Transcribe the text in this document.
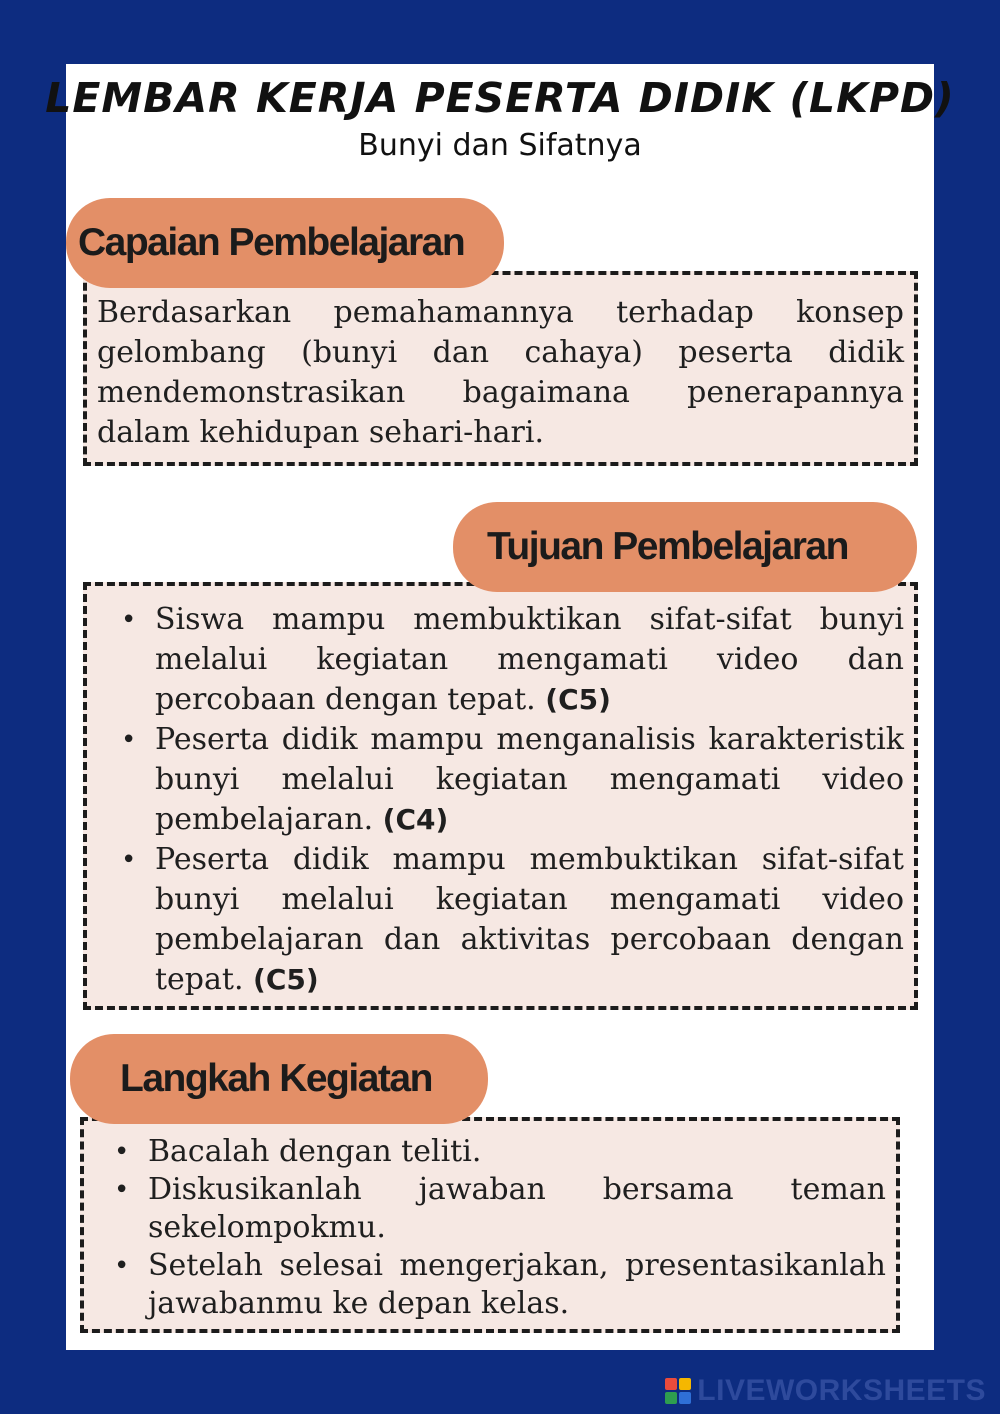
LEMBAR KERJA PESERTA DIDIK (LKPD)
Bunyi dan Sifatnya

Berdasarkan pemahamannya terhadap konsep gelombang (bunyi dan cahaya) peserta didik mendemonstrasikan bagaimana penerapannya dalam kehidupan sehari-hari.

Capaian Pembelajaran
• Siswa mampu membuktikan sifat-sifat bunyi melalui kegiatan mengamati video dan percobaan dengan tepat. (C5)
• Peserta didik mampu menganalisis karakteristik bunyi melalui kegiatan mengamati video pembelajaran. (C4)
• Peserta didik mampu membuktikan sifat-sifat bunyi melalui kegiatan mengamati video pembelajaran dan aktivitas percobaan dengan tepat. (C5)
Tujuan Pembelajaran
• Bacalah dengan teliti.
• Diskusikanlah jawaban bersama teman sekelompokmu.
• Setelah selesai mengerjakan, presentasikanlah jawabanmu ke depan kelas.
Langkah Kegiatan
LIVEWORKSHEETS
